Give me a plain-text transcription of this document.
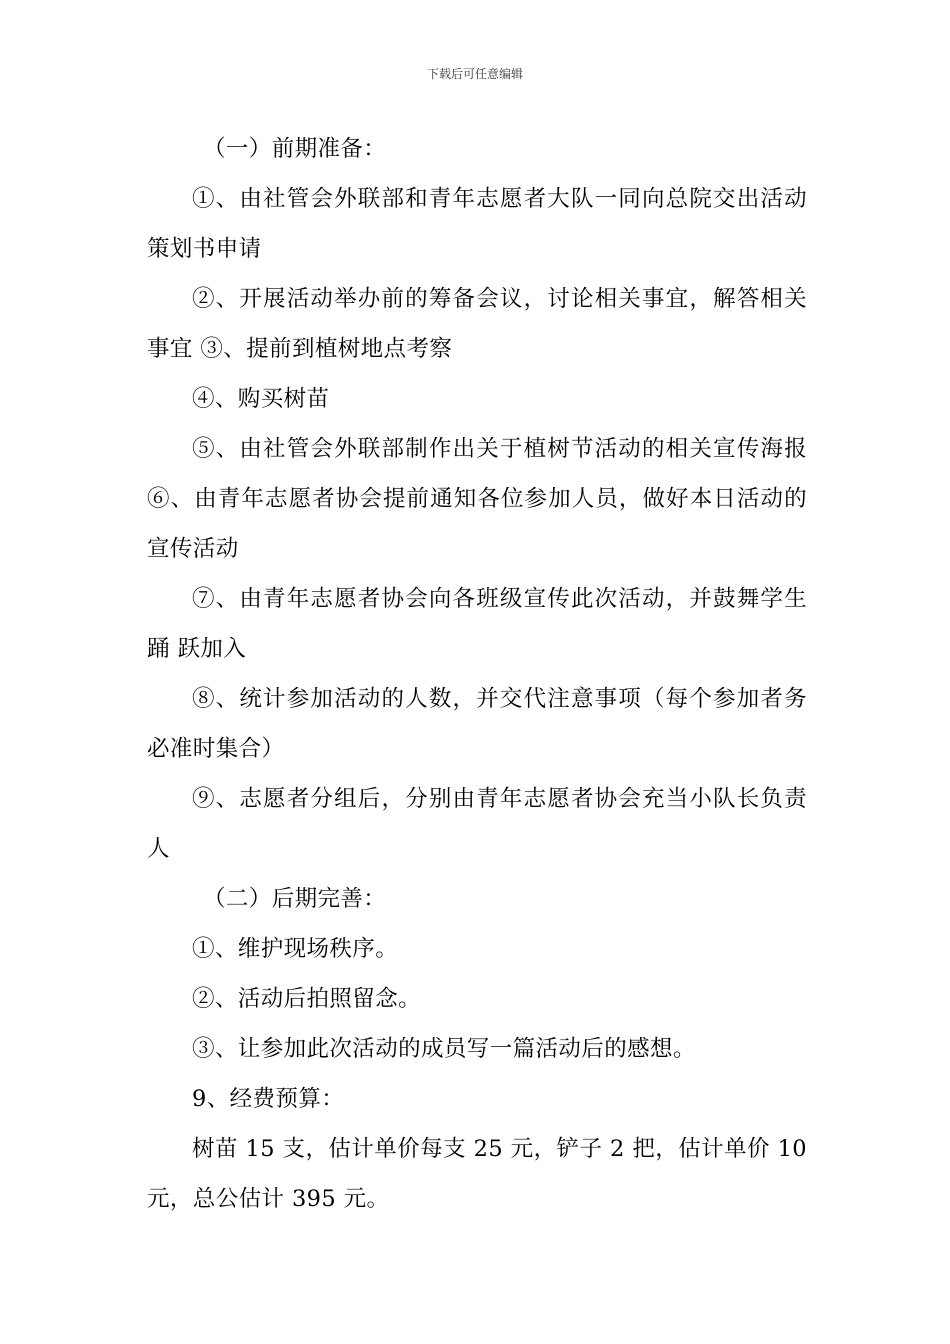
下载后可任意编辑

（一）前期准备：

①、由社管会外联部和青年志愿者大队一同向总院交出活动策划书申请

②、开展活动举办前的筹备会议，讨论相关事宜，解答相关事宜 ③、提前到植树地点考察

④、购买树苗

⑤、由社管会外联部制作出关于植树节活动的相关宣传海报 ⑥、由青年志愿者协会提前通知各位参加人员，做好本日活动的宣传活动

⑦、由青年志愿者协会向各班级宣传此次活动，并鼓舞学生踊 跃加入

⑧、统计参加活动的人数，并交代注意事项（每个参加者务必准时集合）

⑨、志愿者分组后，分别由青年志愿者协会充当小队长负责人

（二）后期完善：

①、维护现场秩序。

②、活动后拍照留念。

③、让参加此次活动的成员写一篇活动后的感想。

9、经费预算：

树苗 15 支，估计单价每支 25 元，铲子 2 把，估计单价 10 元，总公估计 395 元。
